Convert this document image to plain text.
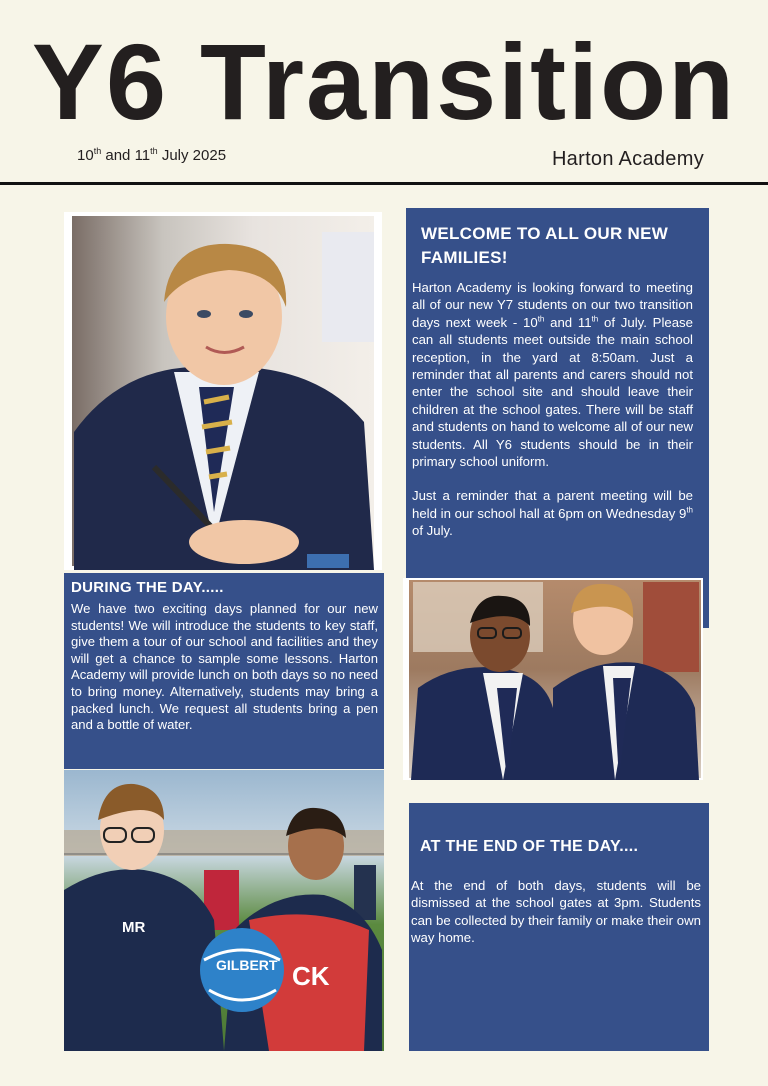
Y6 Transition
10th and 11th July 2025	Harton Academy
WELCOME TO ALL OUR NEW FAMILIES!

Harton Academy is looking forward to meeting all of our new Y7 students on our two transition days next week - 10th and 11th of July. Please can all students meet outside the main school reception, in the yard at 8:50am. Just a reminder that all parents and carers should not enter the school site and should leave their children at the school gates. There will be staff and students on hand to welcome all of our new students. All Y6 students should be in their primary school uniform.

Just a reminder that a parent meeting will be held in our school hall at 6pm on Wednesday 9th of July.

DURING THE DAY.....

We have two exciting days planned for our new students! We will introduce the students to key staff, give them a tour of our school and facilities and they will get a chance to sample some lessons. Harton Academy will provide lunch on both days so no need to bring money. Alternatively, students may bring a packed lunch. We request all students bring a pen and a bottle of water.

CK
GILBERT
MR
AT THE END OF THE DAY....

At the end of both days, students will be dismissed at the school gates at 3pm. Students can be collected by their family or make their own way home.
